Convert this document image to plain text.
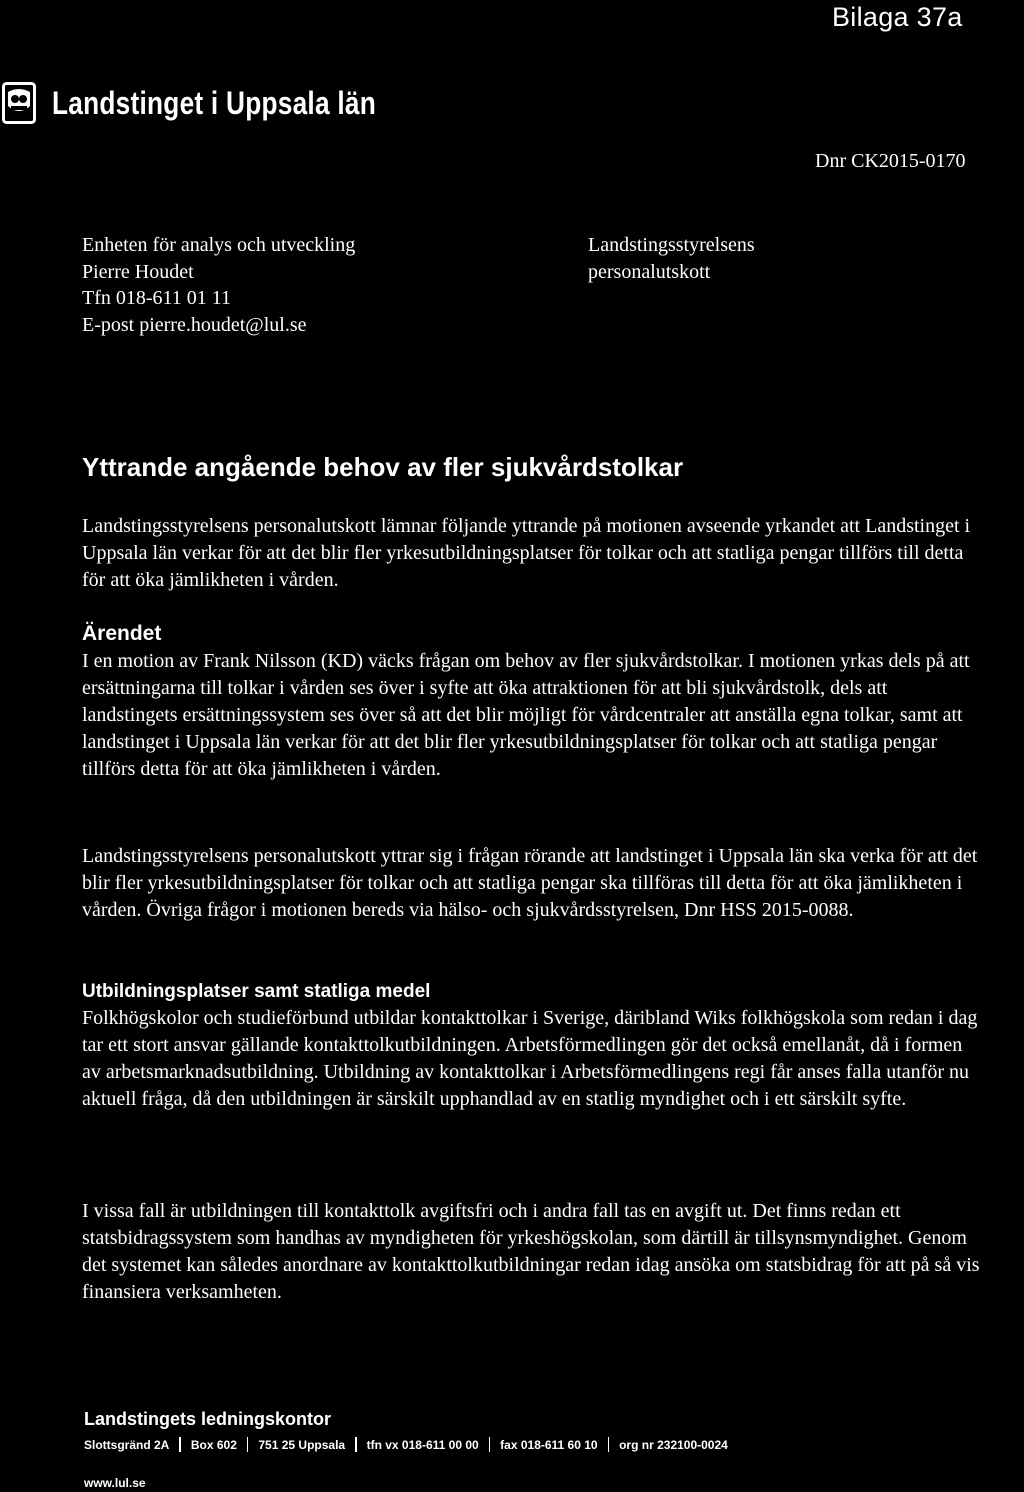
Bilaga 37a
Landstinget i Uppsala län
Dnr CK2015-0170
Enheten för analys och utveckling
Pierre Houdet
Tfn 018-611 01 11
E-post pierre.houdet@lul.se
Landstingsstyrelsens
personalutskott
Yttrande angående behov av fler sjukvårdstolkar

Landstingsstyrelsens personalutskott lämnar följande yttrande på motionen avseende yrkandet att Landstinget i Uppsala län verkar för att det blir fler yrkesutbildningsplatser för tolkar och att statliga pengar tillförs till detta för att öka jämlikheten i vården.

Ärendet

I en motion av Frank Nilsson (KD) väcks frågan om behov av fler sjukvårdstolkar. I motionen yrkas dels på att ersättningarna till tolkar i vården ses över i syfte att öka attraktionen för att bli sjukvårdstolk, dels att landstingets ersättningssystem ses över så att det blir möjligt för vårdcentraler att anställa egna tolkar, samt att landstinget i Uppsala län verkar för att det blir fler yrkesutbildningsplatser för tolkar och att statliga pengar tillförs detta för att öka jämlikheten i vården.

Landstingsstyrelsens personalutskott yttrar sig i frågan rörande att landstinget i Uppsala län ska verka för att det blir fler yrkesutbildningsplatser för tolkar och att statliga pengar ska tillföras till detta för att öka jämlikheten i vården. Övriga frågor i motionen bereds via hälso- och sjukvårdsstyrelsen, Dnr HSS 2015-0088.

Utbildningsplatser samt statliga medel

Folkhögskolor och studieförbund utbildar kontakttolkar i Sverige, däribland Wiks folkhögskola som redan i dag tar ett stort ansvar gällande kontakttolkutbildningen. Arbetsförmedlingen gör det också emellanåt, då i formen av arbetsmarknadsutbildning. Utbildning av kontakttolkar i Arbetsförmedlingens regi får anses falla utanför nu aktuell fråga, då den utbildningen är särskilt upphandlad av en statlig myndighet och i ett särskilt syfte.

I vissa fall är utbildningen till kontakttolk avgiftsfri och i andra fall tas en avgift ut. Det finns redan ett statsbidragssystem som handhas av myndigheten för yrkeshögskolan, som därtill är tillsynsmyndighet. Genom det systemet kan således anordnare av kontakttolkutbildningar redan idag ansöka om statsbidrag för att på så vis finansiera verksamheten.

Landstingets ledningskontor
Slottsgränd 2A Box 602 751 25 Uppsala tfn vx 018-611 00 00 fax 018-611 60 10 org nr 232100-0024
www.lul.se
